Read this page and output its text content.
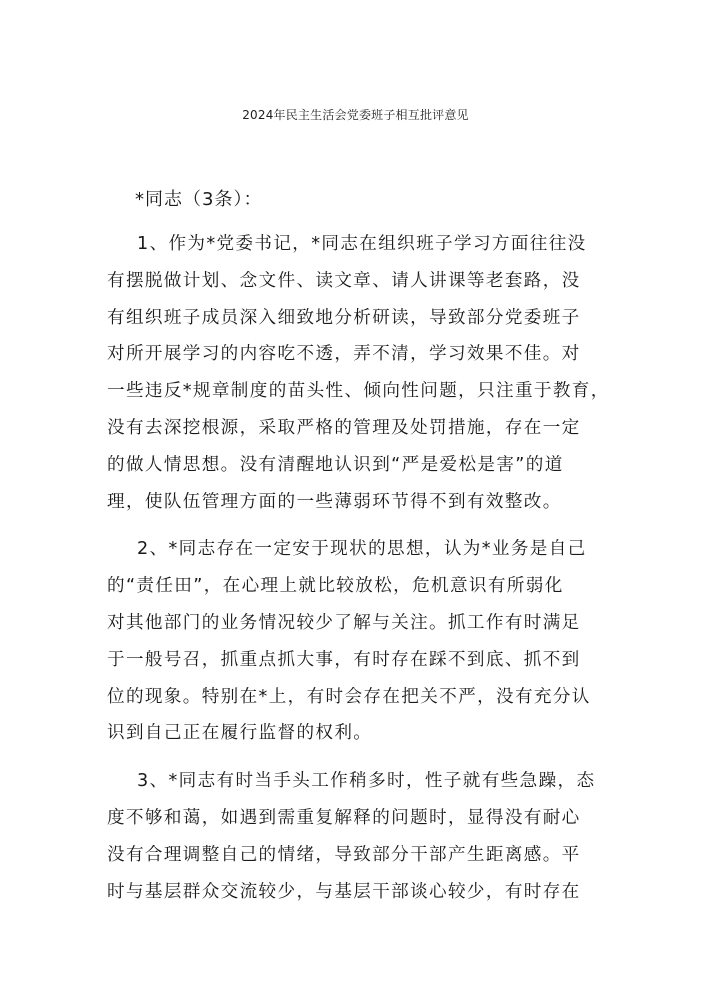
2024年民主生活会党委班子相互批评意见
*同志（3条）：
1、作为*党委书记，*同志在组织班子学习方面往往没
有摆脱做计划、念文件、读文章、请人讲课等老套路，没
有组织班子成员深入细致地分析研读，导致部分党委班子
对所开展学习的内容吃不透，弄不清，学习效果不佳。对
一些违反*规章制度的苗头性、倾向性问题，只注重于教育，
没有去深挖根源，采取严格的管理及处罚措施，存在一定
的做人情思想。没有清醒地认识到“严是爱松是害”的道
理，使队伍管理方面的一些薄弱环节得不到有效整改。
2、*同志存在一定安于现状的思想，认为*业务是自己
的“责任田”，在心理上就比较放松，危机意识有所弱化
对其他部门的业务情况较少了解与关注。抓工作有时满足
于一般号召，抓重点抓大事，有时存在踩不到底、抓不到
位的现象。特别在*上，有时会存在把关不严，没有充分认
识到自己正在履行监督的权利。
3、*同志有时当手头工作稍多时，性子就有些急躁，态
度不够和蔼，如遇到需重复解释的问题时，显得没有耐心
没有合理调整自己的情绪，导致部分干部产生距离感。平
时与基层群众交流较少，与基层干部谈心较少，有时存在
